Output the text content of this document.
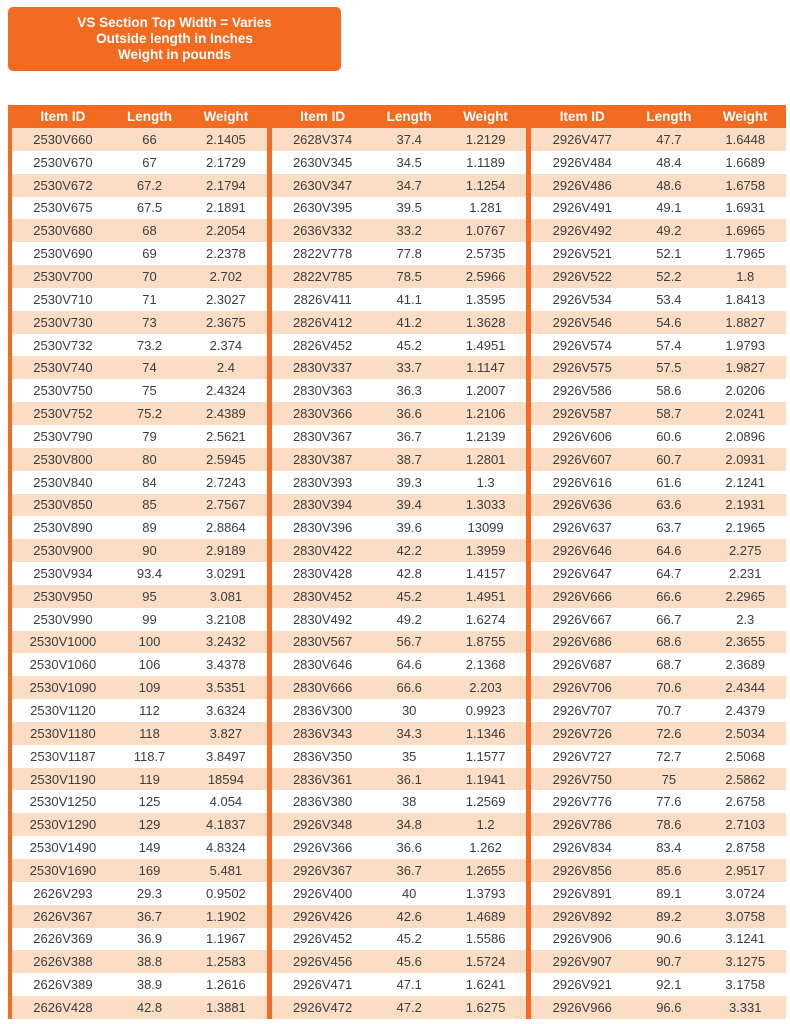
VS Section Top Width = Varies
Outside length in Inches
Weight in pounds
Item ID	Length	Weight
2530V660	66	2.1405
2530V670	67	2.1729
2530V672	67.2	2.1794
2530V675	67.5	2.1891
2530V680	68	2.2054
2530V690	69	2.2378
2530V700	70	2.702
2530V710	71	2.3027
2530V730	73	2.3675
2530V732	73.2	2.374
2530V740	74	2.4
2530V750	75	2.4324
2530V752	75.2	2.4389
2530V790	79	2.5621
2530V800	80	2.5945
2530V840	84	2.7243
2530V850	85	2.7567
2530V890	89	2.8864
2530V900	90	2.9189
2530V934	93.4	3.0291
2530V950	95	3.081
2530V990	99	3.2108
2530V1000	100	3.2432
2530V1060	106	3.4378
2530V1090	109	3.5351
2530V1120	112	3.6324
2530V1180	118	3.827
2530V1187	118.7	3.8497
2530V1190	119	18594
2530V1250	125	4.054
2530V1290	129	4.1837
2530V1490	149	4.8324
2530V1690	169	5.481
2626V293	29.3	0.9502
2626V367	36.7	1.1902
2626V369	36.9	1.1967
2626V388	38.8	1.2583
2626V389	38.9	1.2616
2626V428	42.8	1.3881
Item ID	Length	Weight
2628V374	37.4	1.2129
2630V345	34.5	1.1189
2630V347	34.7	1.1254
2630V395	39.5	1.281
2636V332	33.2	1.0767
2822V778	77.8	2.5735
2822V785	78.5	2.5966
2826V411	41.1	1.3595
2826V412	41.2	1.3628
2826V452	45.2	1.4951
2830V337	33.7	1.1147
2830V363	36.3	1.2007
2830V366	36.6	1.2106
2830V367	36.7	1.2139
2830V387	38.7	1.2801
2830V393	39.3	1.3
2830V394	39.4	1.3033
2830V396	39.6	13099
2830V422	42.2	1.3959
2830V428	42.8	1.4157
2830V452	45.2	1.4951
2830V492	49.2	1.6274
2830V567	56.7	1.8755
2830V646	64.6	2.1368
2830V666	66.6	2.203
2836V300	30	0.9923
2836V343	34.3	1.1346
2836V350	35	1.1577
2836V361	36.1	1.1941
2836V380	38	1.2569
2926V348	34.8	1.2
2926V366	36.6	1.262
2926V367	36.7	1.2655
2926V400	40	1.3793
2926V426	42.6	1.4689
2926V452	45.2	1.5586
2926V456	45.6	1.5724
2926V471	47.1	1.6241
2926V472	47.2	1.6275
Item ID	Length	Weight
2926V477	47.7	1.6448
2926V484	48.4	1.6689
2926V486	48.6	1.6758
2926V491	49.1	1.6931
2926V492	49.2	1.6965
2926V521	52.1	1.7965
2926V522	52.2	1.8
2926V534	53.4	1.8413
2926V546	54.6	1.8827
2926V574	57.4	1.9793
2926V575	57.5	1.9827
2926V586	58.6	2.0206
2926V587	58.7	2.0241
2926V606	60.6	2.0896
2926V607	60.7	2.0931
2926V616	61.6	2.1241
2926V636	63.6	2.1931
2926V637	63.7	2.1965
2926V646	64.6	2.275
2926V647	64.7	2.231
2926V666	66.6	2.2965
2926V667	66.7	2.3
2926V686	68.6	2.3655
2926V687	68.7	2.3689
2926V706	70.6	2.4344
2926V707	70.7	2.4379
2926V726	72.6	2.5034
2926V727	72.7	2.5068
2926V750	75	2.5862
2926V776	77.6	2.6758
2926V786	78.6	2.7103
2926V834	83.4	2.8758
2926V856	85.6	2.9517
2926V891	89.1	3.0724
2926V892	89.2	3.0758
2926V906	90.6	3.1241
2926V907	90.7	3.1275
2926V921	92.1	3.1758
2926V966	96.6	3.331
